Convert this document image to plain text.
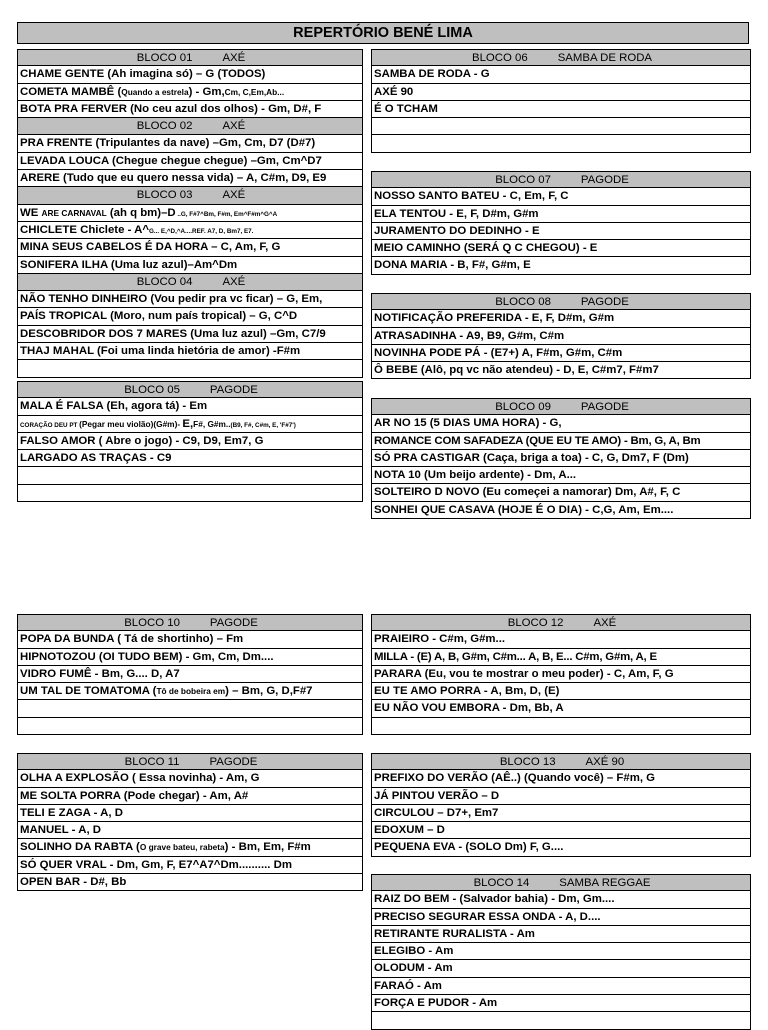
REPERTÓRIO BENÉ LIMA
BLOCO 01	AXÉ
CHAME GENTE (Ah imagina só) – G (TODOS)
COMETA MAMBÊ (Quando a estrela) - Gm,Cm, C,Em,Ab...
BOTA PRA FERVER (No ceu azul dos olhos) - Gm, D#, F
BLOCO 02	AXÉ
PRA FRENTE (Tripulantes da nave) –Gm, Cm, D7 (D#7)
LEVADA LOUCA (Chegue chegue chegue) –Gm, Cm^D7
ARERE (Tudo que eu quero nessa vida) – A, C#m, D9, E9
BLOCO 03	AXÉ
WE ARE CARNAVAL (ah q bm)–D ..G, F#7^Bm, F#m, Em^F#m^G^A
CHICLETE Chiclete - A^G... E,^D,^A....REF. A7, D, Bm7, E7.
MINA SEUS CABELOS É DA HORA – C, Am, F, G
SONIFERA ILHA (Uma luz azul)–Am^Dm
BLOCO 04	AXÉ
NÃO TENHO DINHEIRO (Vou pedir pra vc ficar) – G, Em,
PAÍS TROPICAL (Moro, num país tropical) – G, C^D
DESCOBRIDOR DOS 7 MARES (Uma luz azul) –Gm, C7/9
THAJ MAHAL (Foi uma linda hietória de amor) -F#m
BLOCO 05	PAGODE
MALA É FALSA (Eh, agora tá) - Em
CORAÇÃO DEU PT (Pegar meu violão)(G#m)- E,F#, G#m..(B9, F#, C#m, E, 'F#7')
FALSO AMOR ( Abre o jogo) - C9, D9, Em7, G
LARGADO AS TRAÇAS - C9
BLOCO 06	SAMBA DE RODA
SAMBA DE RODA - G
AXÉ 90
É O TCHAM
BLOCO 07	PAGODE
NOSSO SANTO BATEU - C, Em, F, C
ELA TENTOU - E, F, D#m, G#m
JURAMENTO DO DEDINHO - E
MEIO CAMINHO (SERÁ Q C CHEGOU) - E
DONA MARIA - B, F#, G#m, E
BLOCO 08	PAGODE
NOTIFICAÇÃO PREFERIDA - E, F, D#m, G#m
ATRASADINHA - A9, B9, G#m, C#m
NOVINHA PODE PÁ - (E7+) A, F#m, G#m, C#m
Ô BEBE (Alô, pq vc não atendeu) - D, E, C#m7, F#m7
BLOCO 09	PAGODE
AR NO 15 (5 DIAS UMA HORA) - G,
ROMANCE COM SAFADEZA (QUE EU TE AMO) - Bm, G, A, Bm
SÓ PRA CASTIGAR (Caça, briga a toa) - C, G, Dm7, F (Dm)
NOTA 10 (Um beijo ardente) - Dm, A...
SOLTEIRO D NOVO (Eu começei a namorar) Dm, A#, F, C
SONHEI QUE CASAVA (HOJE É O DIA) - C,G, Am, Em....
BLOCO 10	PAGODE
POPA DA BUNDA ( Tá de shortinho) – Fm
HIPNOTOZOU (OI TUDO BEM) - Gm, Cm, Dm....
VIDRO FUMÊ - Bm, G.... D, A7
UM TAL DE TOMATOMA (Tô de bobeira em) – Bm, G, D,F#7
BLOCO 11	PAGODE
OLHA A EXPLOSÃO ( Essa novinha) - Am, G
ME SOLTA PORRA (Pode chegar) - Am, A#
TELI E ZAGA - A, D
MANUEL - A, D
SOLINHO DA RABTA (O grave bateu, rabeta) - Bm, Em, F#m
SÓ QUER VRAL - Dm, Gm, F, E7^A7^Dm.......... Dm
OPEN BAR - D#, Bb
BLOCO 12	AXÉ
PRAIEIRO - C#m, G#m...
MILLA - (E) A, B, G#m, C#m... A, B, E... C#m, G#m, A, E
PARARA (Eu, vou te mostrar o meu poder) - C, Am, F, G
EU TE AMO PORRA - A, Bm, D, (E)
EU NÃO VOU EMBORA - Dm, Bb, A
BLOCO 13	AXÉ 90
PREFIXO DO VERÃO (AÊ..) (Quando você) – F#m, G
JÁ PINTOU VERÃO – D
CIRCULOU – D7+, Em7
EDOXUM – D
PEQUENA EVA - (SOLO Dm) F, G....
BLOCO 14	SAMBA REGGAE
RAIZ DO BEM - (Salvador bahia) - Dm, Gm....
PRECISO SEGURAR ESSA ONDA - A, D....
RETIRANTE RURALISTA - Am
ELEGIBO - Am
OLODUM - Am
FARAÓ - Am
FORÇA E PUDOR - Am
